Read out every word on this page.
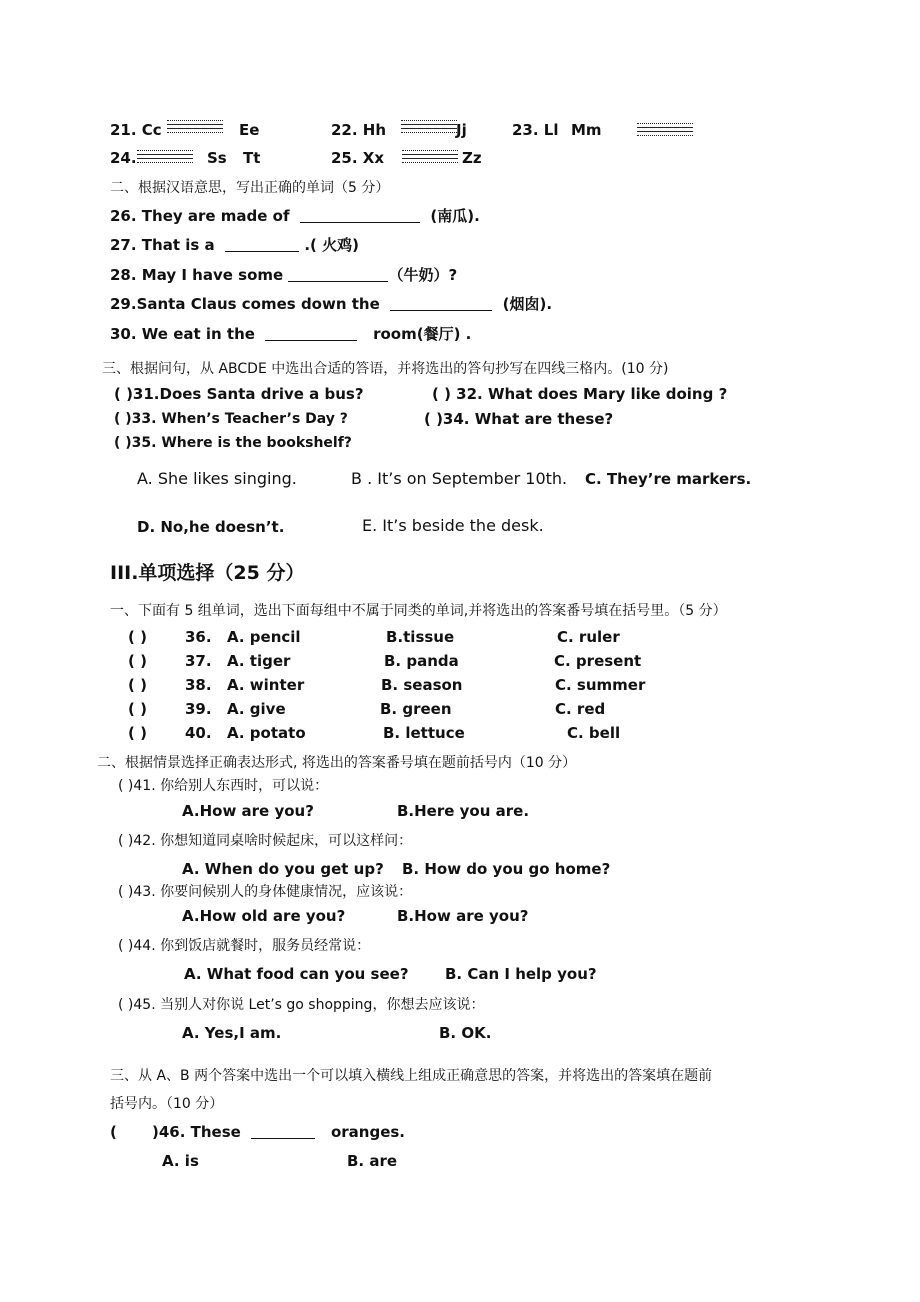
21. Cc	Ee	22. Hh	Jj	23. Ll Mm
24.	Ss Tt	25. Xx	Zz
二、根据汉语意思，写出正确的单词（5 分）
26. They are made of	(南瓜).
27. That is a	.( 火鸡)
28. May I have some	（牛奶）?
29.Santa Claus comes down the	(烟囱).
30. We eat in the	room(餐厅) .
三、根据问句，从 ABCDE 中选出合适的答语，并将选出的答句抄写在四线三格内。(10 分)
( )31.Does Santa drive a bus?	( ) 32. What does Mary like doing ?
( )33. When’s Teacher’s Day ?	( )34. What are these?
( )35. Where is the bookshelf?
A. She likes singing.	B . It’s on September 10th. C. They’re markers.
D. No,he doesn’t.	E. It’s beside the desk.
III.单项选择（25 分）
一、下面有 5 组单词，选出下面每组中不属于同类的单词,并将选出的答案番号填在括号里。（5 分）
( )	36. A. pencil	B.tissue	C. ruler
( )	37. A. tiger	B. panda	C. present
( )	38. A. winter	B. season	C. summer
( )	39. A. give	B. green	C. red
( )	40. A. potato	B. lettuce	C. bell
二、根据情景选择正确表达形式, 将选出的答案番号填在题前括号内（10 分）
( )41. 你给别人东西时，可以说：
A.How are you?	B.Here you are.
( )42. 你想知道同桌啥时候起床，可以这样问：
A. When do you get up? B. How do you go home?
( )43. 你要问候别人的身体健康情况，应该说：
A.How old are you?	B.How are you?
( )44. 你到饭店就餐时，服务员经常说：
A. What food can you see? B. Can I help you?
( )45. 当别人对你说 Let’s go shopping，你想去应该说：
A. Yes,I am.	B. OK.
三、从 A、B 两个答案中选出一个可以填入横线上组成正确意思的答案，并将选出的答案填在题前
括号内。（10 分）
( )46. These	oranges.
A. is	B. are
